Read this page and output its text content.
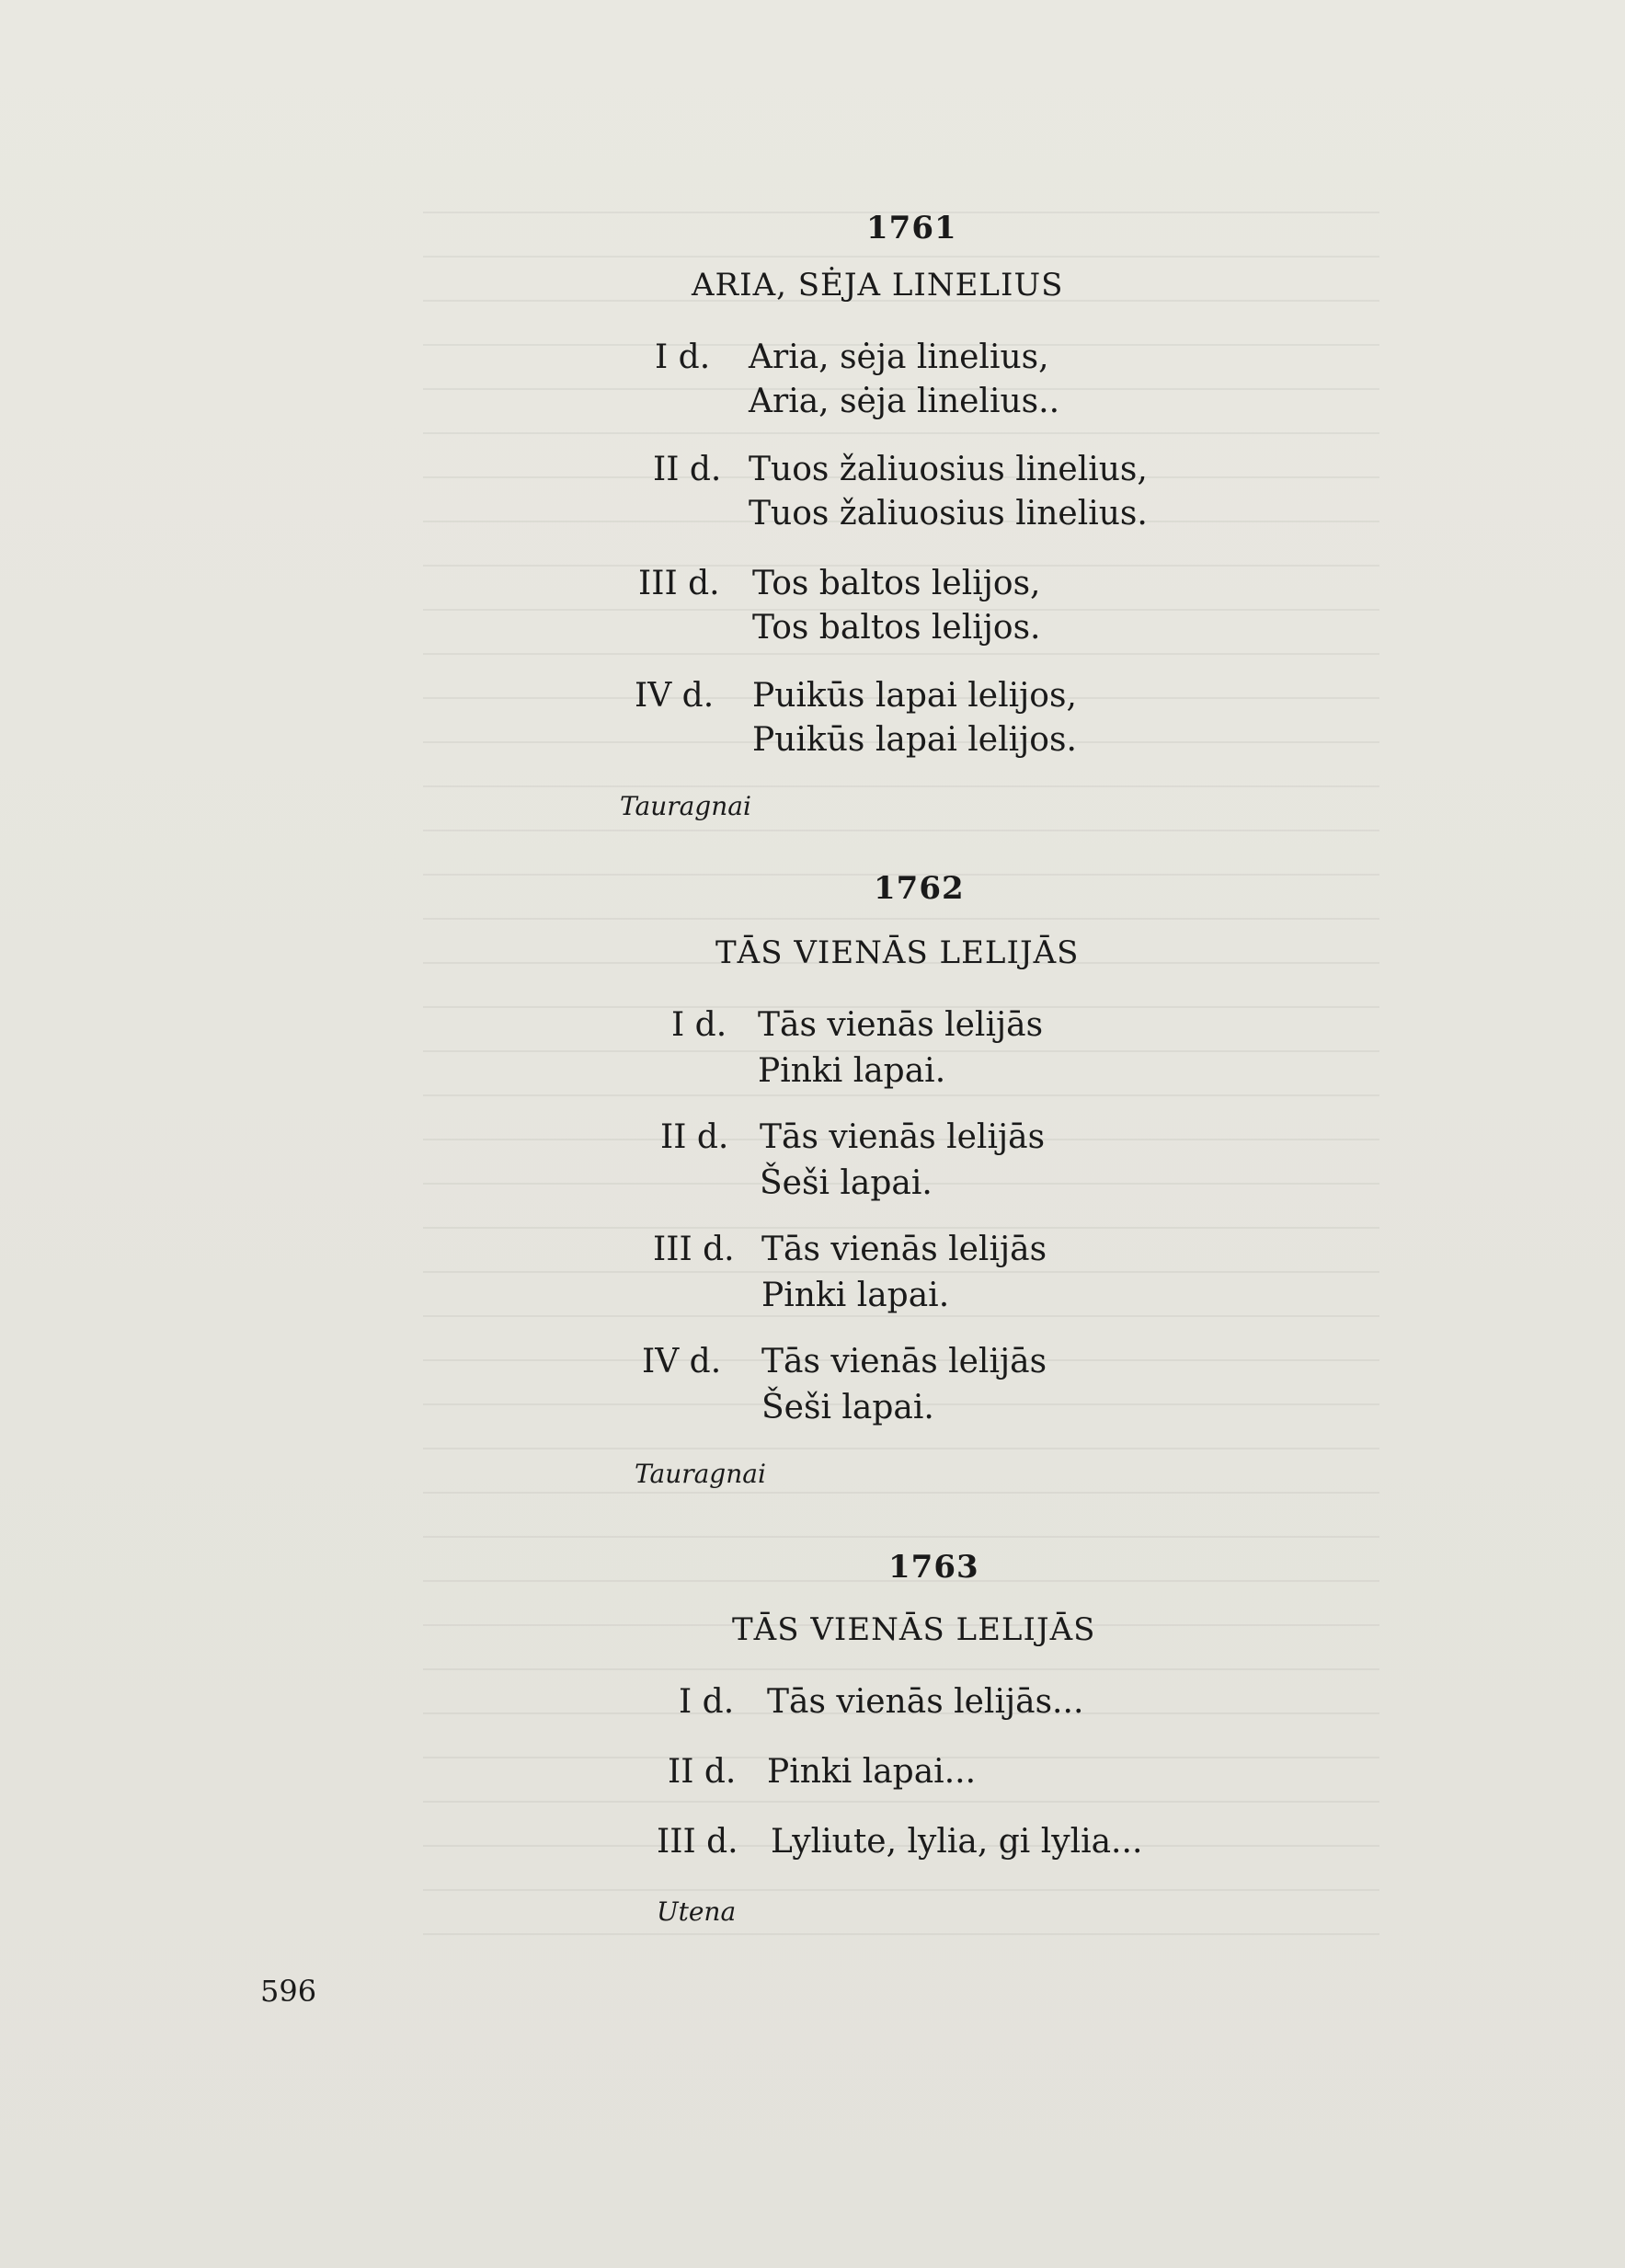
1761
ARIA, SĖJA LINELIUS
I d. Aria, sėja linelius,
Aria, sėja linelius..
II d. Tuos žaliuosius linelius,
Tuos žaliuosius linelius.
III d. Tos baltos lelijos,
Tos baltos lelijos.
IV d. Puikūs lapai lelijos,
Puikūs lapai lelijos.
Tauragnai
1762
TĀS VIENĀS LELIJĀS
I d. Tās vienās lelijās
Pinki lapai.
II d. Tās vienās lelijās
Šeši lapai.
III d. Tās vienās lelijās
Pinki lapai.
IV d. Tās vienās lelijās
Šeši lapai.
Tauragnai
1763
TĀS VIENĀS LELIJĀS
I d. Tās vienās lelijās...
II d. Pinki lapai...
III d. Lyliute, lylia, gi lylia...
Utena
596
